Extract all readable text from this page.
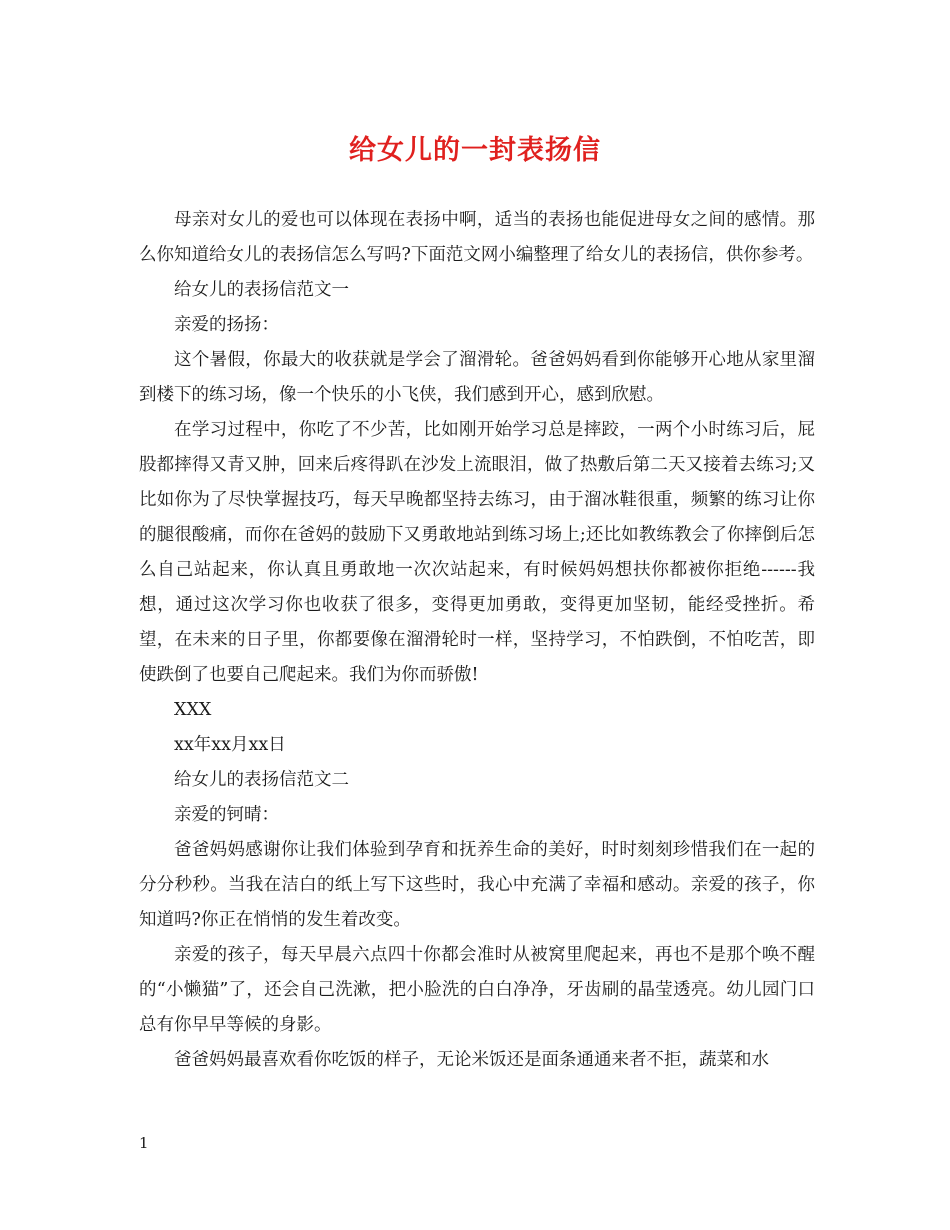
给女儿的一封表扬信

母亲对女儿的爱也可以体现在表扬中啊，适当的表扬也能促进母女之间的感情。那么你知道给女儿的表扬信怎么写吗?下面范文网小编整理了给女儿的表扬信，供你参考。

给女儿的表扬信范文一

亲爱的扬扬：

这个暑假，你最大的收获就是学会了溜滑轮。爸爸妈妈看到你能够开心地从家里溜到楼下的练习场，像一个快乐的小飞侠，我们感到开心，感到欣慰。

在学习过程中，你吃了不少苦，比如刚开始学习总是摔跤，一两个小时练习后，屁股都摔得又青又肿，回来后疼得趴在沙发上流眼泪，做了热敷后第二天又接着去练习;又比如你为了尽快掌握技巧，每天早晚都坚持去练习，由于溜冰鞋很重，频繁的练习让你的腿很酸痛，而你在爸妈的鼓励下又勇敢地站到练习场上;还比如教练教会了你摔倒后怎么自己站起来，你认真且勇敢地一次次站起来，有时候妈妈想扶你都被你拒绝------我想，通过这次学习你也收获了很多，变得更加勇敢，变得更加坚韧，能经受挫折。希望，在未来的日子里，你都要像在溜滑轮时一样，坚持学习，不怕跌倒，不怕吃苦，即使跌倒了也要自己爬起来。我们为你而骄傲!

XXX

xx年xx月xx日

给女儿的表扬信范文二

亲爱的钶晴：

爸爸妈妈感谢你让我们体验到孕育和抚养生命的美好，时时刻刻珍惜我们在一起的分分秒秒。当我在洁白的纸上写下这些时，我心中充满了幸福和感动。亲爱的孩子，你知道吗?你正在悄悄的发生着改变。

亲爱的孩子，每天早晨六点四十你都会准时从被窝里爬起来，再也不是那个唤不醒的“小懒猫”了，还会自己洗漱，把小脸洗的白白净净，牙齿刷的晶莹透亮。幼儿园门口总有你早早等候的身影。

爸爸妈妈最喜欢看你吃饭的样子，无论米饭还是面条通通来者不拒，蔬菜和水

1
